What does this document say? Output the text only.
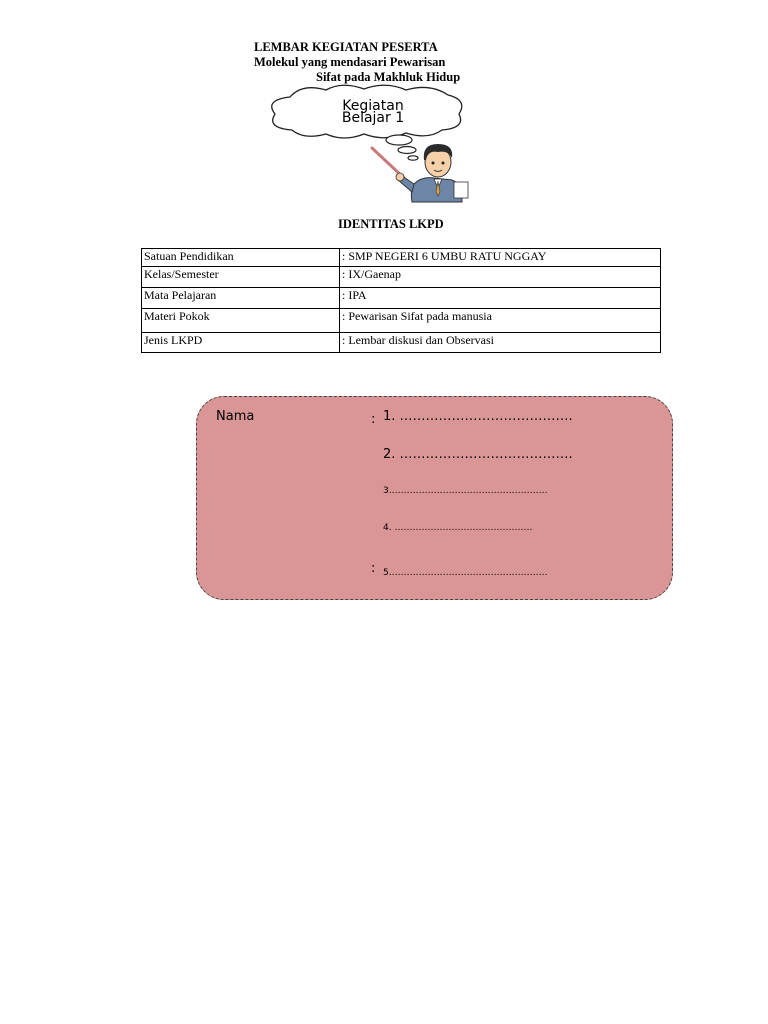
LEMBAR KEGIATAN PESERTA
Molekul yang mendasari Pewarisan
Sifat pada Makhluk Hidup
Kegiatan
Belajar 1
IDENTITAS LKPD
Satuan Pendidikan	: SMP NEGERI 6 UMBU RATU NGGAY
Kelas/Semester	: IX/Gaenap
Mata Pelajaran	: IPA
Materi Pokok	: Pewarisan Sifat pada manusia
Jenis LKPD	: Lembar diskusi dan Observasi
Nama	:
:
1. ………………………………….
2. ………………………………….
3.…………………………………………….
4. ……………………………………….
5.…………………………………………….
